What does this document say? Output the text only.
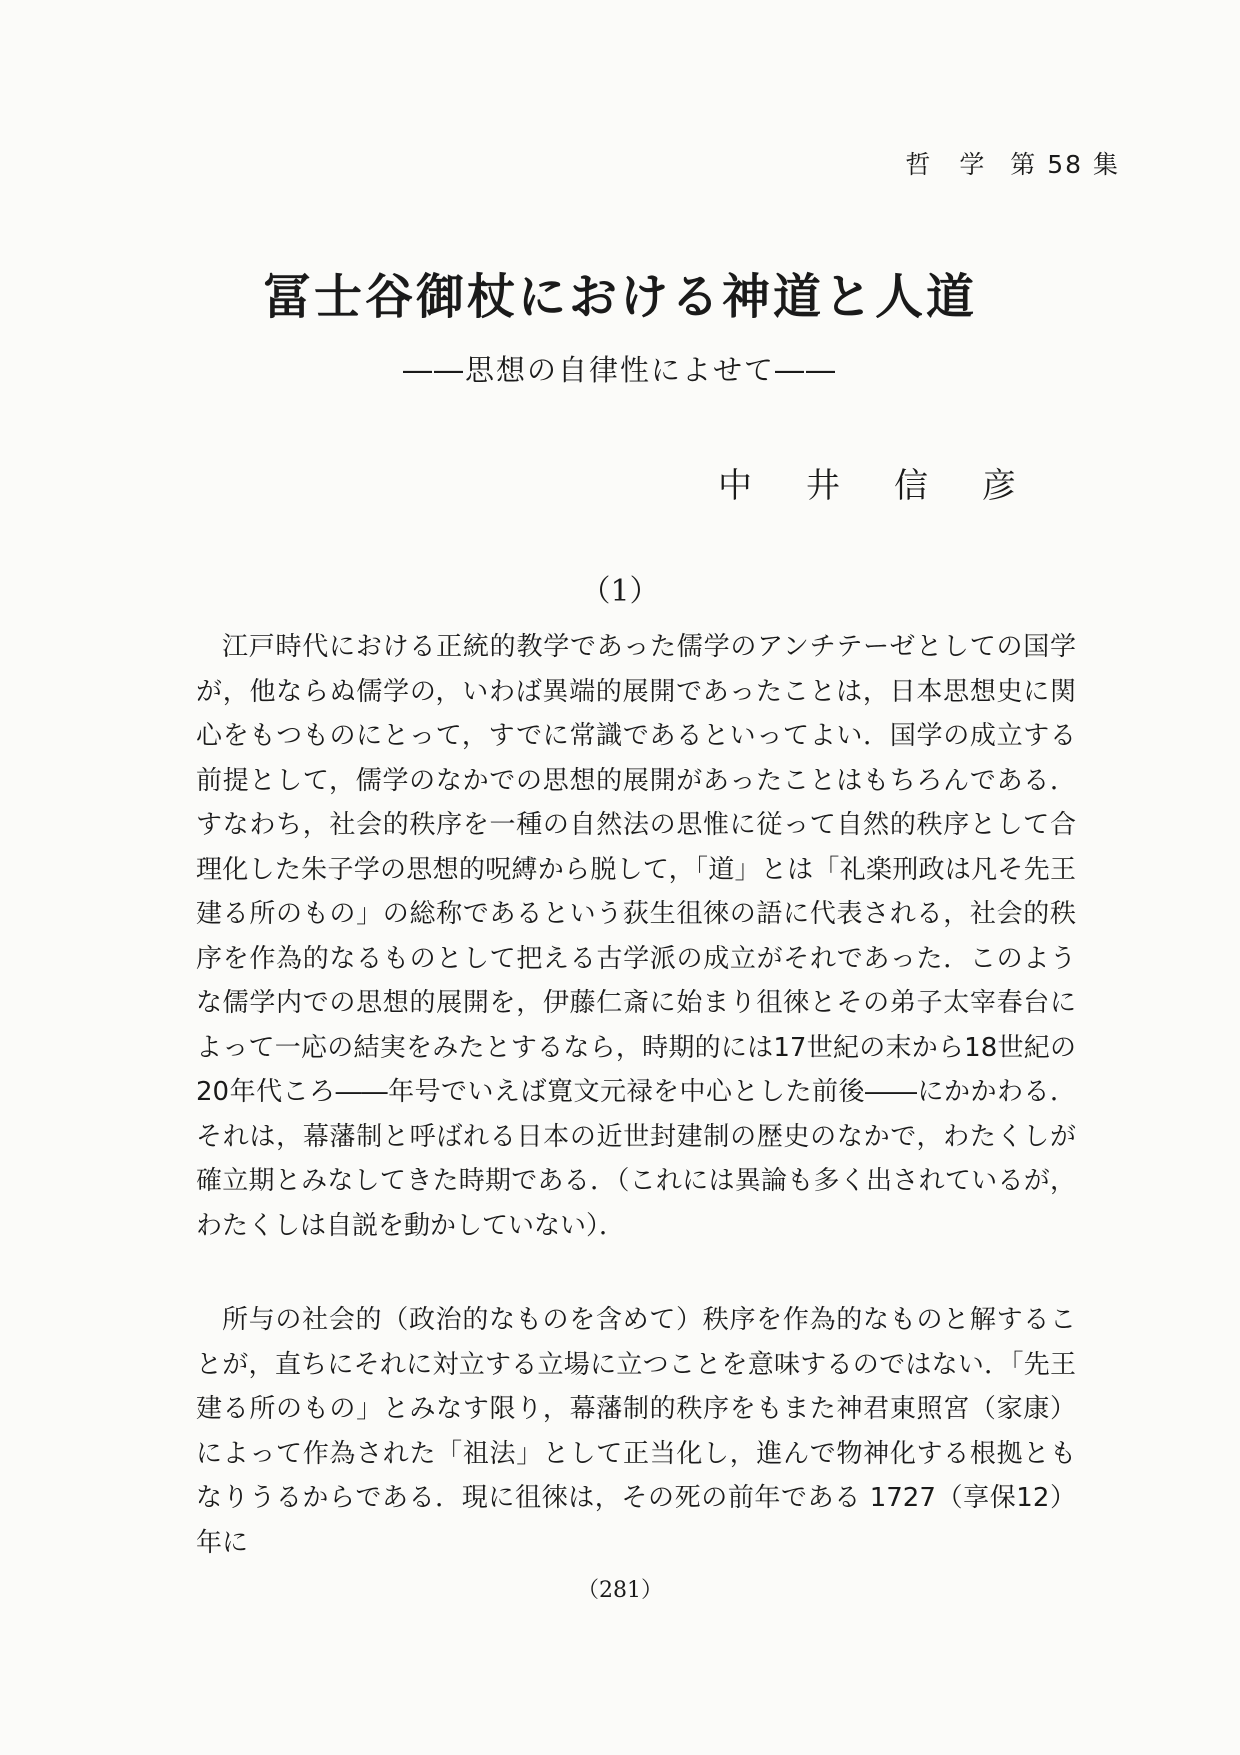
哲　学 第 58 集
冨士谷御杖における神道と人道
――思想の自律性によせて――
中 井 信 彦
（1）

江戸時代における正統的教学であった儒学のアンチテーゼとしての国学が，他ならぬ儒学の，いわば異端的展開であったことは，日本思想史に関心をもつものにとって，すでに常識であるといってよい．国学の成立する前提として，儒学のなかでの思想的展開があったことはもちろんである．すなわち，社会的秩序を一種の自然法の思惟に従って自然的秩序として合理化した朱子学の思想的呪縛から脱して，「道」とは「礼楽刑政は凡そ先王建る所のもの」の総称であるという荻生徂徠の語に代表される，社会的秩序を作為的なるものとして把える古学派の成立がそれであった．このような儒学内での思想的展開を，伊藤仁斎に始まり徂徠とその弟子太宰春台によって一応の結実をみたとするなら，時期的には17世紀の末から18世紀の20年代ころ――年号でいえば寛文元禄を中心とした前後――にかかわる．それは，幕藩制と呼ばれる日本の近世封建制の歴史のなかで，わたくしが確立期とみなしてきた時期である．（これには異論も多く出されているが，わたくしは自説を動かしていない）．

所与の社会的（政治的なものを含めて）秩序を作為的なものと解することが，直ちにそれに対立する立場に立つことを意味するのではない．「先王建る所のもの」とみなす限り，幕藩制的秩序をもまた神君東照宮（家康）によって作為された「祖法」として正当化し，進んで物神化する根拠ともなりうるからである．現に徂徠は，その死の前年である 1727（享保12）年に

（281）
